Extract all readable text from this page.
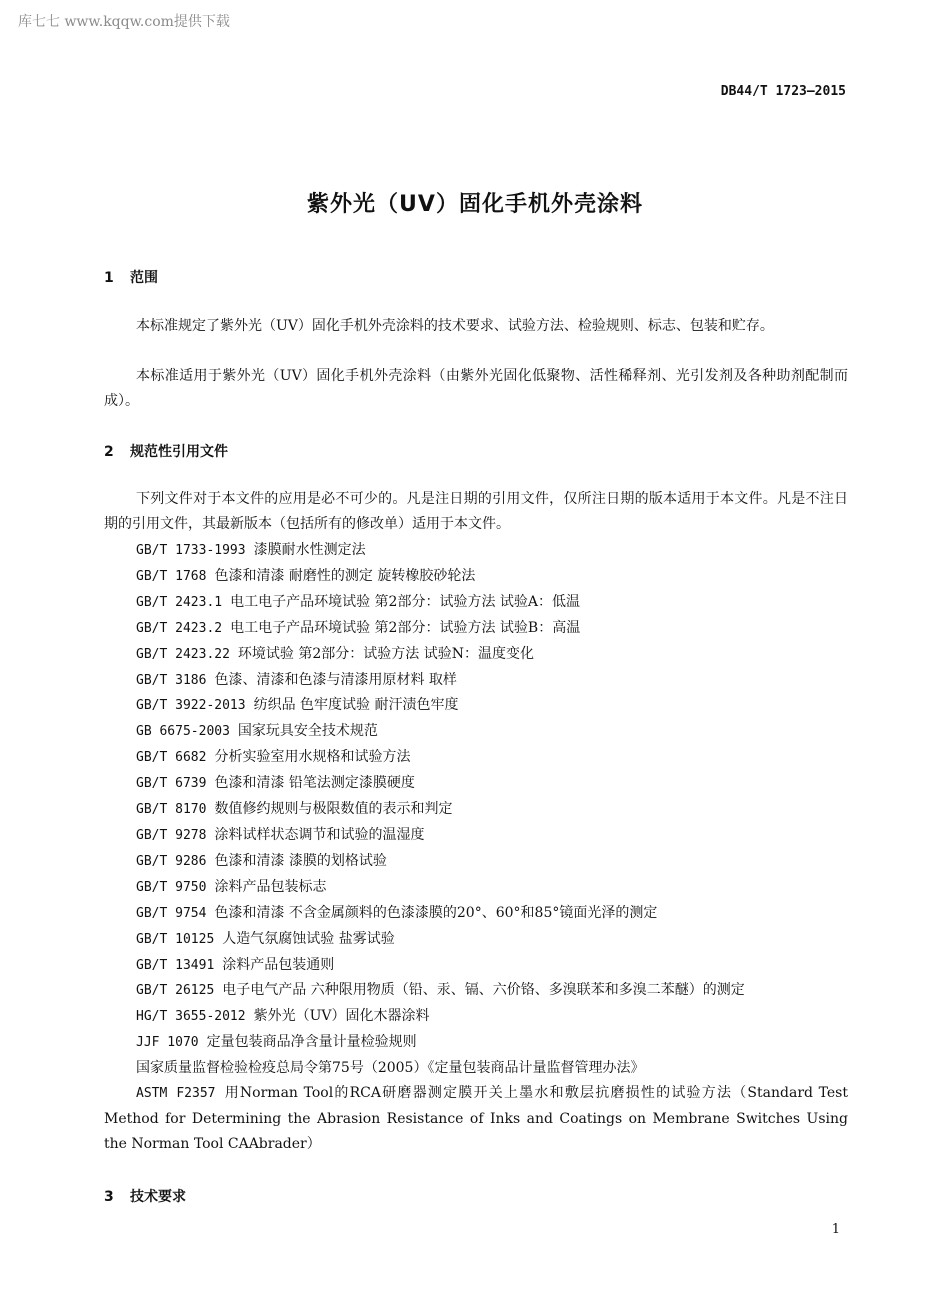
库七七 www.kqqw.com提供下载
DB44/T 1723—2015
紫外光（UV）固化手机外壳涂料
1 范围
本标准规定了紫外光（UV）固化手机外壳涂料的技术要求、试验方法、检验规则、标志、包装和贮存。
本标准适用于紫外光（UV）固化手机外壳涂料（由紫外光固化低聚物、活性稀释剂、光引发剂及各种助剂配制而成）。
2 规范性引用文件
下列文件对于本文件的应用是必不可少的。凡是注日期的引用文件，仅所注日期的版本适用于本文件。凡是不注日期的引用文件，其最新版本（包括所有的修改单）适用于本文件。
GB/T 1733-1993 漆膜耐水性测定法
GB/T 1768 色漆和清漆 耐磨性的测定 旋转橡胶砂轮法
GB/T 2423.1 电工电子产品环境试验 第2部分：试验方法 试验A：低温
GB/T 2423.2 电工电子产品环境试验 第2部分：试验方法 试验B：高温
GB/T 2423.22 环境试验 第2部分：试验方法 试验N：温度变化
GB/T 3186 色漆、清漆和色漆与清漆用原材料 取样
GB/T 3922-2013 纺织品 色牢度试验 耐汗渍色牢度
GB 6675-2003 国家玩具安全技术规范
GB/T 6682 分析实验室用水规格和试验方法
GB/T 6739 色漆和清漆 铅笔法测定漆膜硬度
GB/T 8170 数值修约规则与极限数值的表示和判定
GB/T 9278 涂料试样状态调节和试验的温湿度
GB/T 9286 色漆和清漆 漆膜的划格试验
GB/T 9750 涂料产品包装标志
GB/T 9754 色漆和清漆 不含金属颜料的色漆漆膜的20°、60°和85°镜面光泽的测定
GB/T 10125 人造气氛腐蚀试验 盐雾试验
GB/T 13491 涂料产品包装通则
GB/T 26125 电子电气产品 六种限用物质（铅、汞、镉、六价铬、多溴联苯和多溴二苯醚）的测定
HG/T 3655-2012 紫外光（UV）固化木器涂料
JJF 1070 定量包装商品净含量计量检验规则
国家质量监督检验检疫总局令第75号（2005）《定量包装商品计量监督管理办法》
ASTM F2357 用Norman Tool的RCA研磨器测定膜开关上墨水和敷层抗磨损性的试验方法（Standard Test Method for Determining the Abrasion Resistance of Inks and Coatings on Membrane Switches Using the Norman Tool CAAbrader）
3 技术要求
1
